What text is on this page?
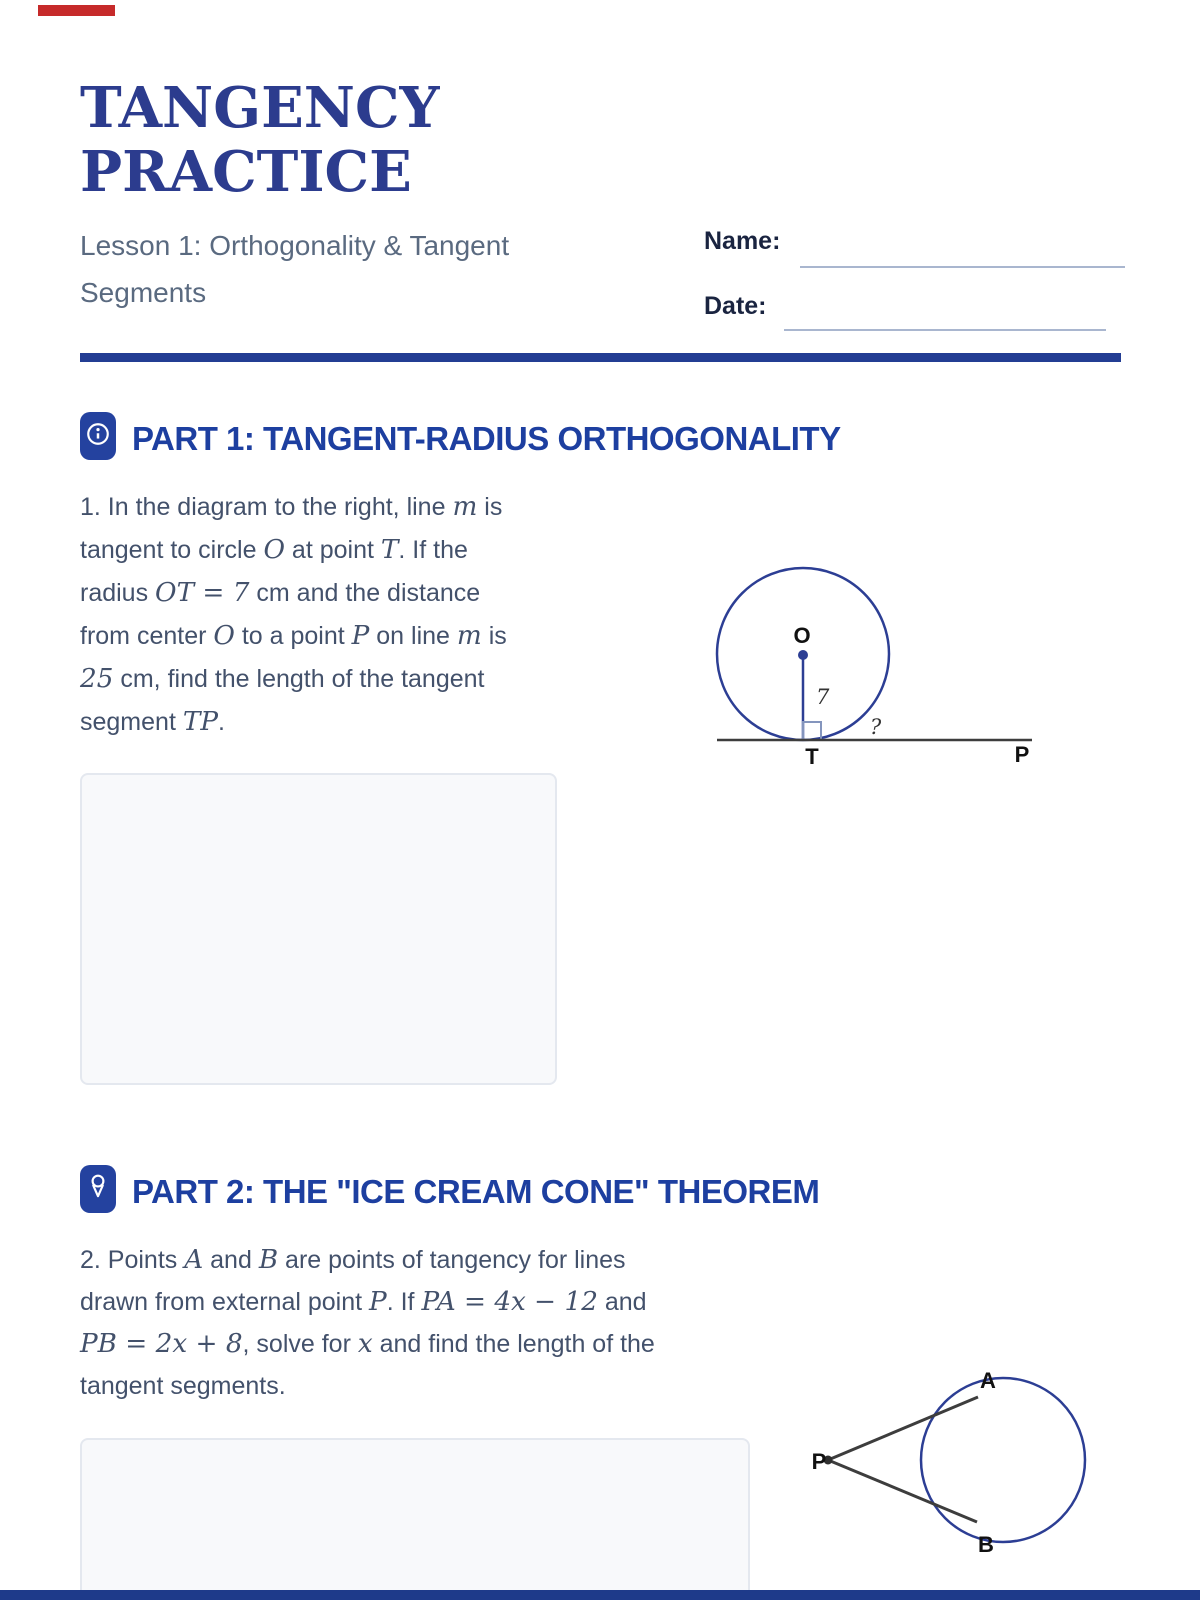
TANGENCY
PRACTICE
Lesson 1: Orthogonality & Tangent Segments
Name:
Date:
PART 1: TANGENT-RADIUS ORTHOGONALITY
1. In the diagram to the right, line m is
tangent to circle O at point T. If the
radius OT = 7 cm and the distance
from center O to a point P on line m is
25 cm, find the length of the tangent
segment TP.
O
7
?
T	P
PART 2: THE "ICE CREAM CONE" THEOREM
2. Points A and B are points of tangency for lines
drawn from external point P. If PA = 4x − 12 and
PB = 2x + 8, solve for x and find the length of the
tangent segments.	A
B
P
